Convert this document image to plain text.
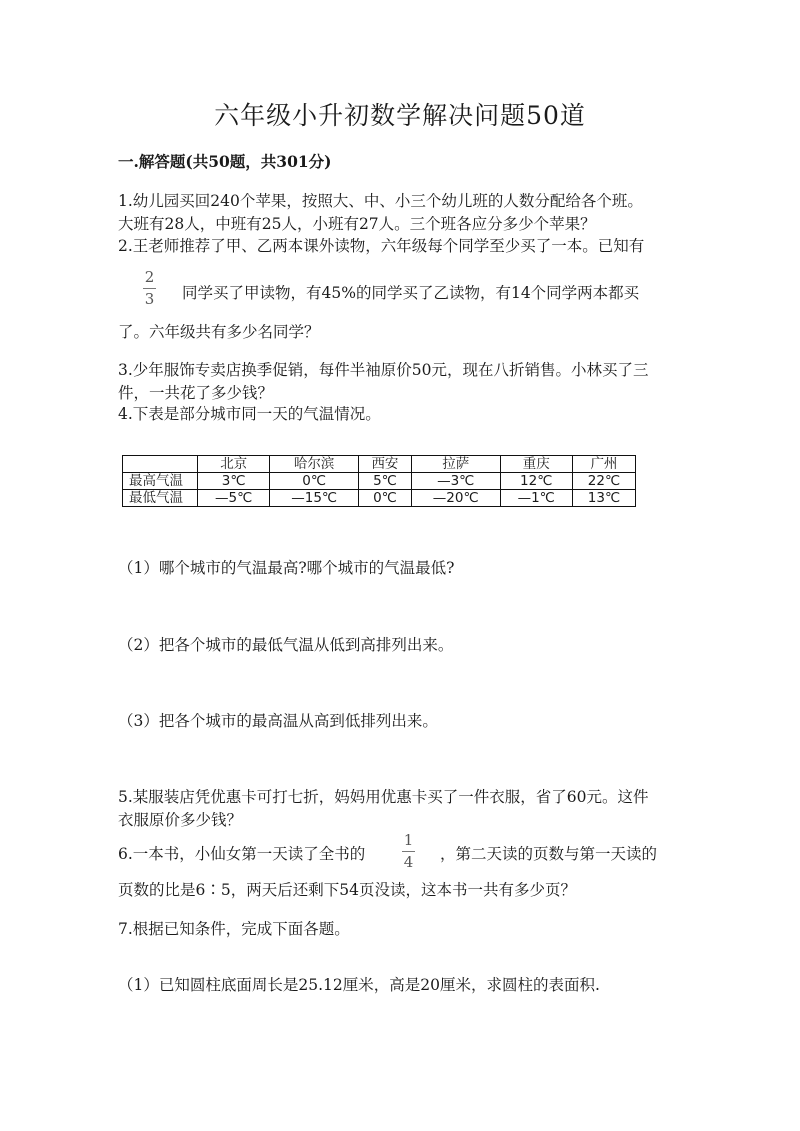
六年级小升初数学解决问题50道
一.解答题(共50题，共301分)
1.幼儿园买回240个苹果，按照大、中、小三个幼儿班的人数分配给各个班。
大班有28人，中班有25人，小班有27人。三个班各应分多少个苹果？
2.王老师推荐了甲、乙两本课外读物，六年级每个同学至少买了一本。已知有
2
3 同学买了甲读物，有45%的同学买了乙读物，有14个同学两本都买
了。六年级共有多少名同学？
3.少年服饰专卖店换季促销，每件半袖原价50元，现在八折销售。小林买了三
件，一共花了多少钱？
4.下表是部分城市同一天的气温情况。
	北京	哈尔滨	西安	拉萨	重庆	广州
最高气温	3℃	0℃	5℃	—3℃	12℃	22℃
最低气温	—5℃	—15℃	0℃	—20℃	—1℃	13℃
（1）哪个城市的气温最高?哪个城市的气温最低?
（2）把各个城市的最低气温从低到高排列出来。
（3）把各个城市的最高温从高到低排列出来。
5.某服装店凭优惠卡可打七折，妈妈用优惠卡买了一件衣服，省了60元。这件
衣服原价多少钱？
6.一本书，小仙女第一天读了全书的
1
4 ，第二天读的页数与第一天读的
页数的比是6∶5，两天后还剩下54页没读，这本书一共有多少页？
7.根据已知条件，完成下面各题。
（1）已知圆柱底面周长是25.12厘米，高是20厘米，求圆柱的表面积.
